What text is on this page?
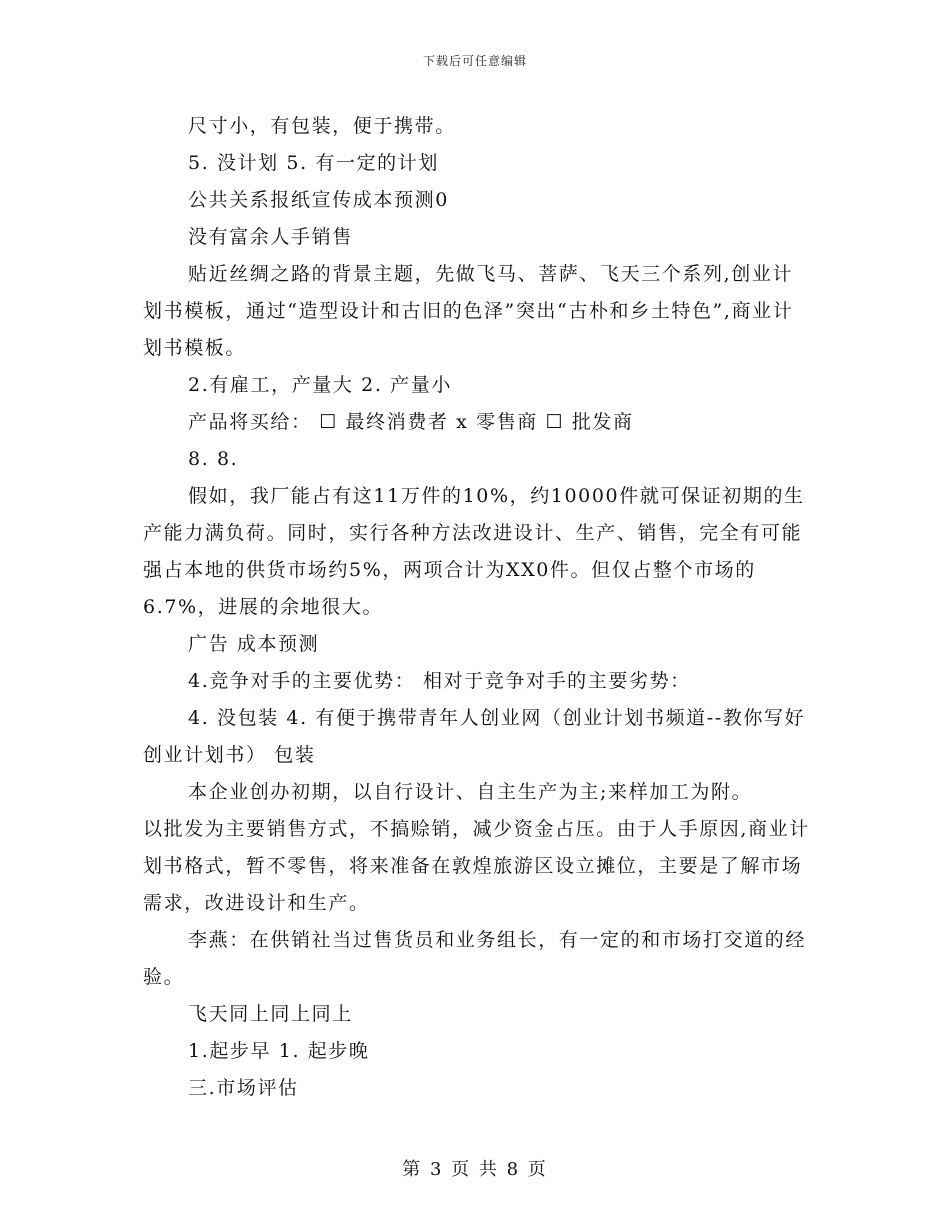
下载后可任意编辑

尺寸小，有包装，便于携带。

5. 没计划 5. 有一定的计划

公共关系报纸宣传成本预测0

没有富余人手销售

贴近丝绸之路的背景主题，先做飞马、菩萨、飞天三个系列,创业计划书模板，通过“造型设计和古旧的色泽”突出“古朴和乡土特色”,商业计划书模板。

2.有雇工，产量大 2. 产量小

产品将买给： ☐ 最终消费者 x 零售商 ☐ 批发商

8. 8.

假如，我厂能占有这11万件的10%，约10000件就可保证初期的生产能力满负荷。同时，实行各种方法改进设计、生产、销售，完全有可能强占本地的供货市场约5%，两项合计为XX0件。但仅占整个市场的6.7%，进展的余地很大。

广告 成本预测

4.竞争对手的主要优势： 相对于竞争对手的主要劣势：

4. 没包装 4. 有便于携带青年人创业网（创业计划书频道--教你写好创业计划书） 包装

本企业创办初期，以自行设计、自主生产为主;来样加工为附。

以批发为主要销售方式，不搞赊销，减少资金占压。由于人手原因,商业计划书格式，暂不零售，将来准备在敦煌旅游区设立摊位，主要是了解市场需求，改进设计和生产。

李燕：在供销社当过售货员和业务组长，有一定的和市场打交道的经验。

飞天同上同上同上

1.起步早 1. 起步晚

三.市场评估

第 3 页 共 8 页
